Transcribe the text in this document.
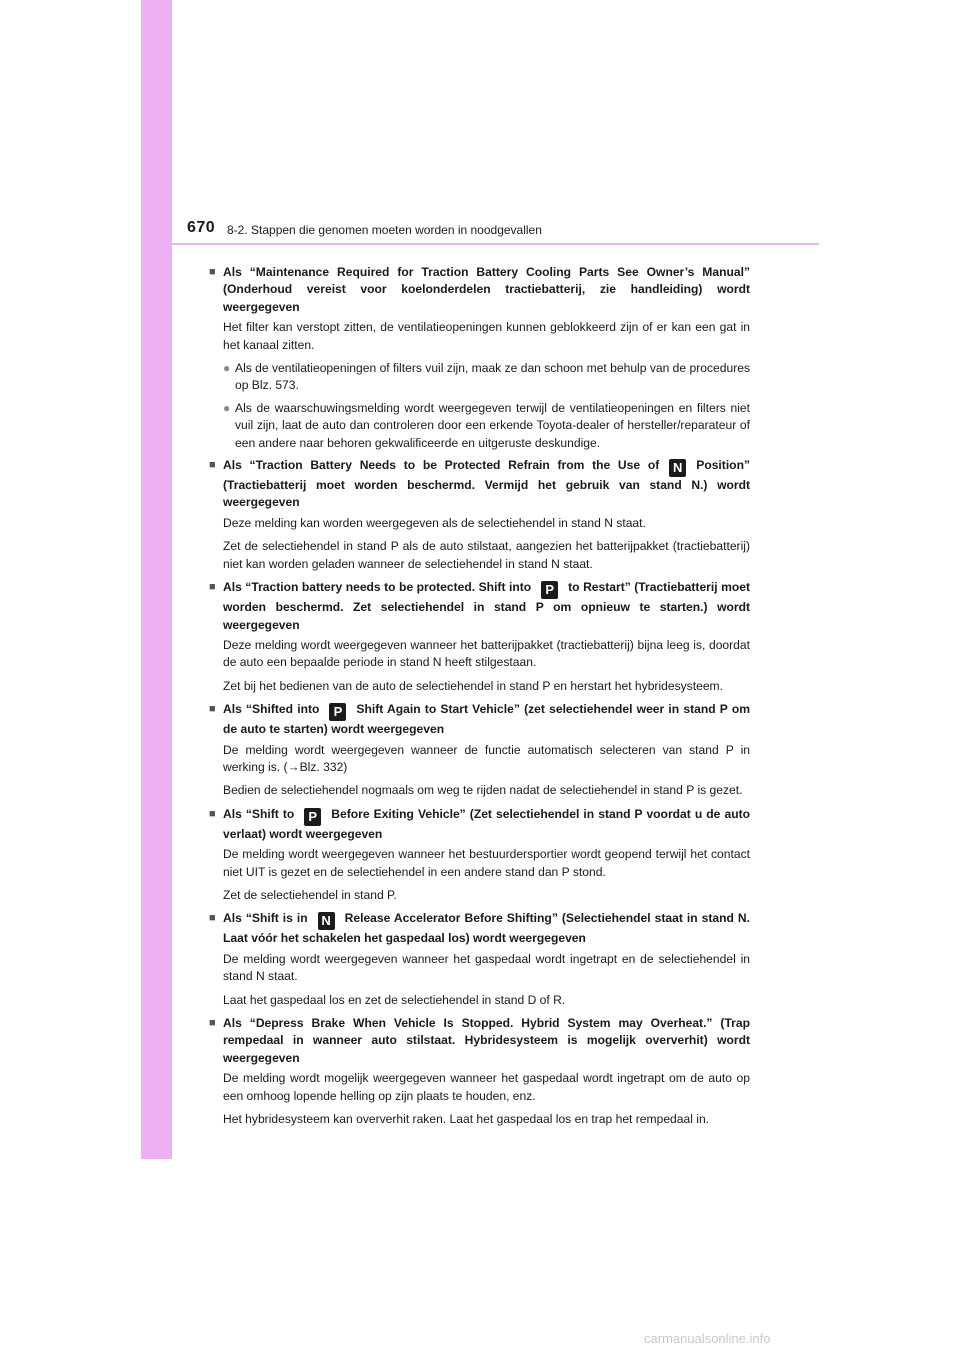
670 8-2. Stappen die genomen moeten worden in noodgevallen
■ Als “Maintenance Required for Traction Battery Cooling Parts See Owner’s Manual” (Onderhoud vereist voor koelonderdelen tractiebatterij, zie handleiding) wordt weergegeven
Het filter kan verstopt zitten, de ventilatieopeningen kunnen geblokkeerd zijn of er kan een gat in het kanaal zitten.
● Als de ventilatieopeningen of filters vuil zijn, maak ze dan schoon met behulp van de procedures op Blz. 573.
● Als de waarschuwingsmelding wordt weergegeven terwijl de ventilatieopeningen en filters niet vuil zijn, laat de auto dan controleren door een erkende Toyota-dealer of hersteller/reparateur of een andere naar behoren gekwalificeerde en uitgeruste deskundige.
■ Als “Traction Battery Needs to be Protected Refrain from the Use of N Position” (Tractiebatterij moet worden beschermd. Vermijd het gebruik van stand N.) wordt weergegeven
Deze melding kan worden weergegeven als de selectiehendel in stand N staat.
Zet de selectiehendel in stand P als de auto stilstaat, aangezien het batterijpakket (tractiebatterij) niet kan worden geladen wanneer de selectiehendel in stand N staat.
■ Als “Traction battery needs to be protected. Shift into P to Restart” (Tractiebatterij moet worden beschermd. Zet selectiehendel in stand P om opnieuw te starten.) wordt weergegeven
Deze melding wordt weergegeven wanneer het batterijpakket (tractiebatterij) bijna leeg is, doordat de auto een bepaalde periode in stand N heeft stilgestaan.
Zet bij het bedienen van de auto de selectiehendel in stand P en herstart het hybridesysteem.
■ Als “Shifted into P Shift Again to Start Vehicle” (zet selectiehendel weer in stand P om de auto te starten) wordt weergegeven
De melding wordt weergegeven wanneer de functie automatisch selecteren van stand P in werking is. (→Blz. 332)
Bedien de selectiehendel nogmaals om weg te rijden nadat de selectiehendel in stand P is gezet.
■ Als “Shift to P Before Exiting Vehicle” (Zet selectiehendel in stand P voordat u de auto verlaat) wordt weergegeven
De melding wordt weergegeven wanneer het bestuurdersportier wordt geopend terwijl het contact niet UIT is gezet en de selectiehendel in een andere stand dan P stond.
Zet de selectiehendel in stand P.
■ Als “Shift is in N Release Accelerator Before Shifting” (Selectiehendel staat in stand N. Laat vóór het schakelen het gaspedaal los) wordt weergegeven
De melding wordt weergegeven wanneer het gaspedaal wordt ingetrapt en de selectiehendel in stand N staat.
Laat het gaspedaal los en zet de selectiehendel in stand D of R.
■ Als “Depress Brake When Vehicle Is Stopped. Hybrid System may Overheat.” (Trap rempedaal in wanneer auto stilstaat. Hybridesysteem is mogelijk oververhit) wordt weergegeven
De melding wordt mogelijk weergegeven wanneer het gaspedaal wordt ingetrapt om de auto op een omhoog lopende helling op zijn plaats te houden, enz.
Het hybridesysteem kan oververhit raken. Laat het gaspedaal los en trap het rempedaal in.
carmanualsonline.info
